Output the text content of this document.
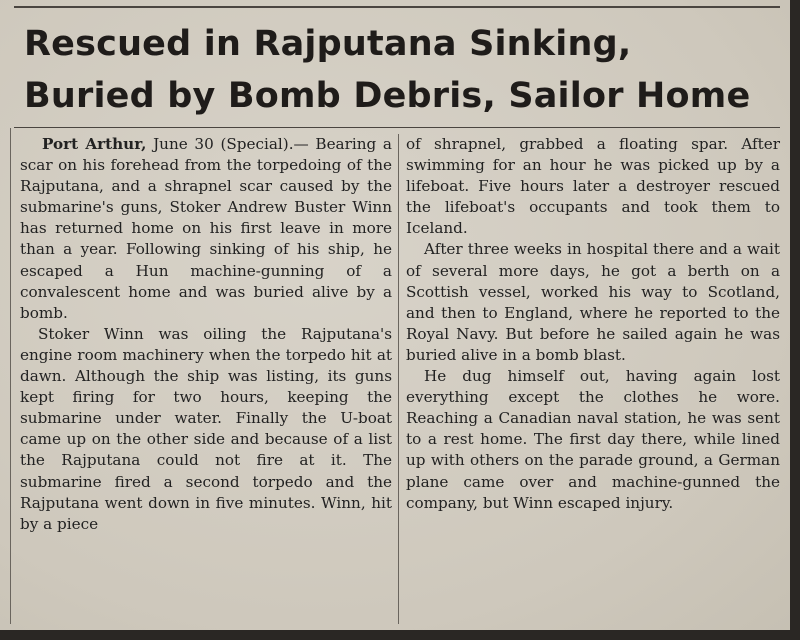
Rescued in Rajputana Sinking,
Buried by Bomb Debris, Sailor Home

Port Arthur, June 30 (Special).— Bearing a scar on his forehead from the torpedoing of the Rajputana, and a shrapnel scar caused by the submarine's guns, Stoker Andrew Buster Winn has returned home on his first leave in more than a year. Following sinking of his ship, he escaped a Hun machine-gunning of a convalescent home and was buried alive by a bomb.

Stoker Winn was oiling the Rajputana's engine room machinery when the torpedo hit at dawn. Although the ship was listing, its guns kept firing for two hours, keeping the submarine under water. Finally the U-boat came up on the other side and because of a list the Rajputana could not fire at it. The submarine fired a second torpedo and the Rajputana went down in five minutes. Winn, hit by a piece

of shrapnel, grabbed a floating spar. After swimming for an hour he was picked up by a lifeboat. Five hours later a destroyer rescued the lifeboat's occupants and took them to Iceland.

After three weeks in hospital there and a wait of several more days, he got a berth on a Scottish vessel, worked his way to Scotland, and then to England, where he reported to the Royal Navy. But before he sailed again he was buried alive in a bomb blast.

He dug himself out, having again lost everything except the clothes he wore. Reaching a Canadian naval station, he was sent to a rest home. The first day there, while lined up with others on the parade ground, a German plane came over and machine-gunned the company, but Winn escaped injury.
